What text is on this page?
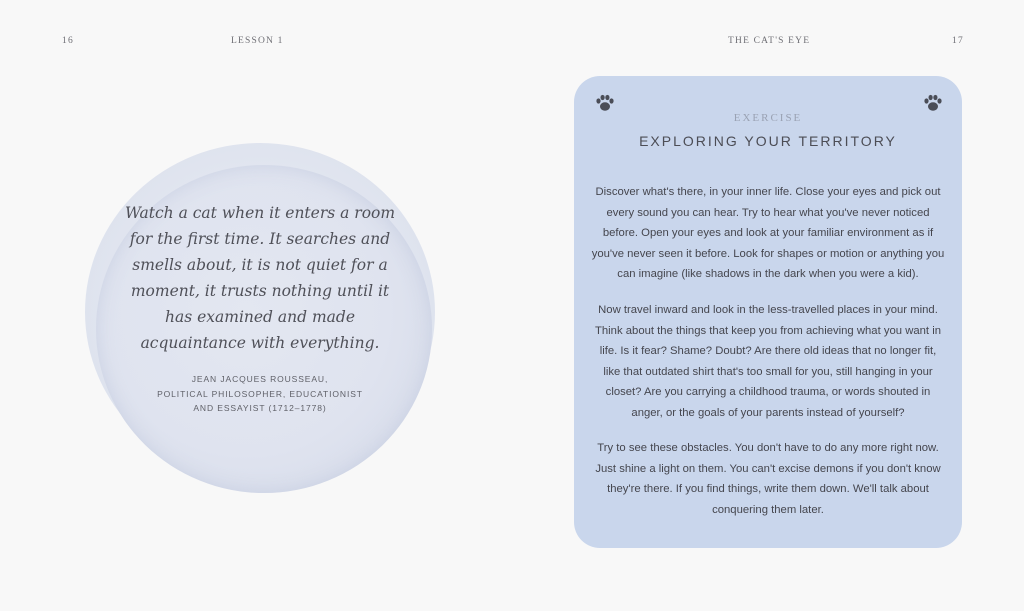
16	LESSON 1	THE CAT'S EYE	17
Watch a cat when it enters a room for the first time. It searches and smells about, it is not quiet for a moment, it trusts nothing until it has examined and made acquaintance with everything.
JEAN JACQUES ROUSSEAU,
POLITICAL PHILOSOPHER, EDUCATIONIST
AND ESSAYIST (1712–1778)
EXERCISE
EXPLORING YOUR TERRITORY
Discover what's there, in your inner life. Close your eyes and pick out every sound you can hear. Try to hear what you've never noticed before. Open your eyes and look at your familiar environment as if you've never seen it before. Look for shapes or motion or anything you can imagine (like shadows in the dark when you were a kid).
Now travel inward and look in the less-travelled places in your mind. Think about the things that keep you from achieving what you want in life. Is it fear? Shame? Doubt? Are there old ideas that no longer fit, like that outdated shirt that's too small for you, still hanging in your closet? Are you carrying a childhood trauma, or words shouted in anger, or the goals of your parents instead of yourself?
Try to see these obstacles. You don't have to do any more right now. Just shine a light on them. You can't excise demons if you don't know they're there. If you find things, write them down. We'll talk about conquering them later.
